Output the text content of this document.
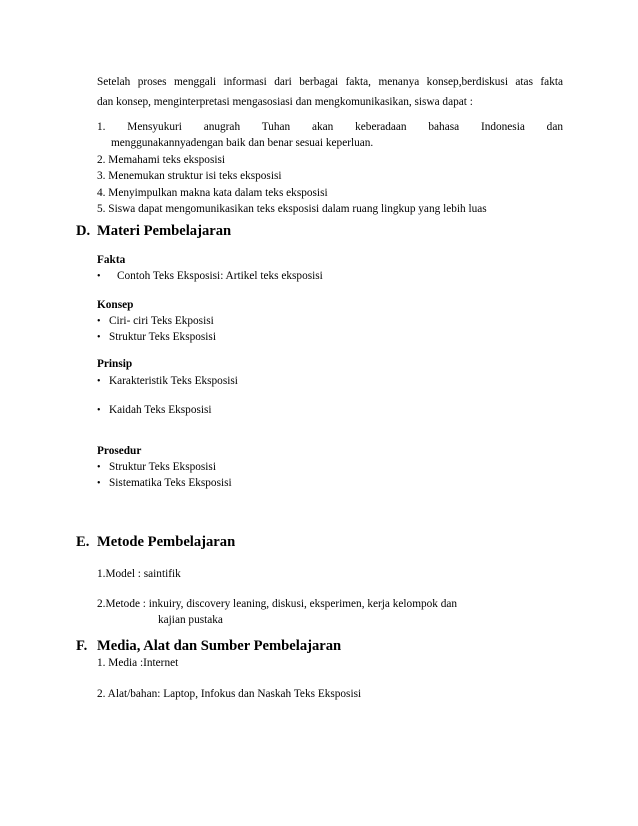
Setelah proses menggali informasi dari berbagai fakta, menanya konsep,berdiskusi atas fakta
dan konsep, menginterpretasi mengasosiasi dan mengkomunikasikan, siswa dapat :
1. Mensyukuri anugrah Tuhan akan keberadaan bahasa Indonesia dan
menggunakannyadengan baik dan benar sesuai keperluan.
2. Memahami teks eksposisi
3. Menemukan struktur isi teks eksposisi
4. Menyimpulkan makna kata dalam teks eksposisi
5. Siswa dapat mengomunikasikan teks eksposisi dalam ruang lingkup yang lebih luas
D. Materi Pembelajaran
Fakta
• Contoh Teks Eksposisi: Artikel teks eksposisi
Konsep
• Ciri- ciri Teks Ekposisi
• Struktur Teks Eksposisi
Prinsip
• Karakteristik Teks Eksposisi
• Kaidah Teks Eksposisi
Prosedur
• Struktur Teks Eksposisi
• Sistematika Teks Eksposisi
E. Metode Pembelajaran
1.Model : saintifik
2.Metode : inkuiry, discovery leaning, diskusi, eksperimen, kerja kelompok dan
kajian pustaka
F. Media, Alat dan Sumber Pembelajaran
1. Media :Internet
2. Alat/bahan: Laptop, Infokus dan Naskah Teks Eksposisi
